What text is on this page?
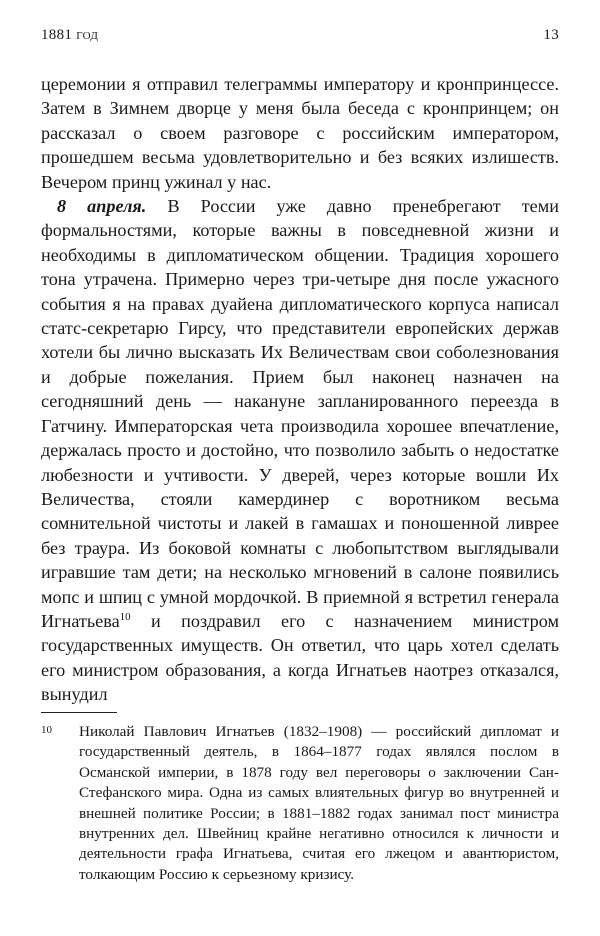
1881 год	13

церемонии я отправил телеграммы императору и кронпринцессе. Затем в Зимнем дворце у меня была беседа с кронпринцем; он рассказал о своем разговоре с российским императором, прошедшем весьма удовлетворительно и без всяких излишеств. Вечером принц ужинал у нас.

8 апреля. В России уже давно пренебрегают теми формальностями, которые важны в повседневной жизни и необходимы в дипломатическом общении. Традиция хорошего тона утрачена. Примерно через три-четыре дня после ужасного события я на правах дуайена дипломатического корпуса написал статс-секретарю Гирсу, что представители европейских держав хотели бы лично высказать Их Величествам свои соболезнования и добрые пожелания. Прием был наконец назначен на сегодняшний день — накануне запланированного переезда в Гатчину. Императорская чета производила хорошее впечатление, держалась просто и достойно, что позволило забыть о недостатке любезности и учтивости. У дверей, через которые вошли Их Величества, стояли камердинер с воротником весьма сомнительной чистоты и лакей в гамашах и поношенной ливрее без траура. Из боковой комнаты с любопытством выглядывали игравшие там дети; на несколько мгновений в салоне появились мопс и шпиц с умной мордочкой. В приемной я встретил генерала Игнатьева$^{10}$ и поздравил его с назначением министром государственных имуществ. Он ответил, что царь хотел сделать его министром образования, а когда Игнатьев наотрез отказался, вынудил

10 Николай Павлович Игнатьев (1832–1908) — российский дипломат и государственный деятель, в 1864–1877 годах являлся послом в Османской империи, в 1878 году вел переговоры о заключении Сан-Стефанского мира. Одна из самых влиятельных фигур во внутренней и внешней политике России; в 1881–1882 годах занимал пост министра внутренних дел. Швейниц крайне негативно относился к личности и деятельности графа Игнатьева, считая его лжецом и авантюристом, толкающим Россию к серьезному кризису.
